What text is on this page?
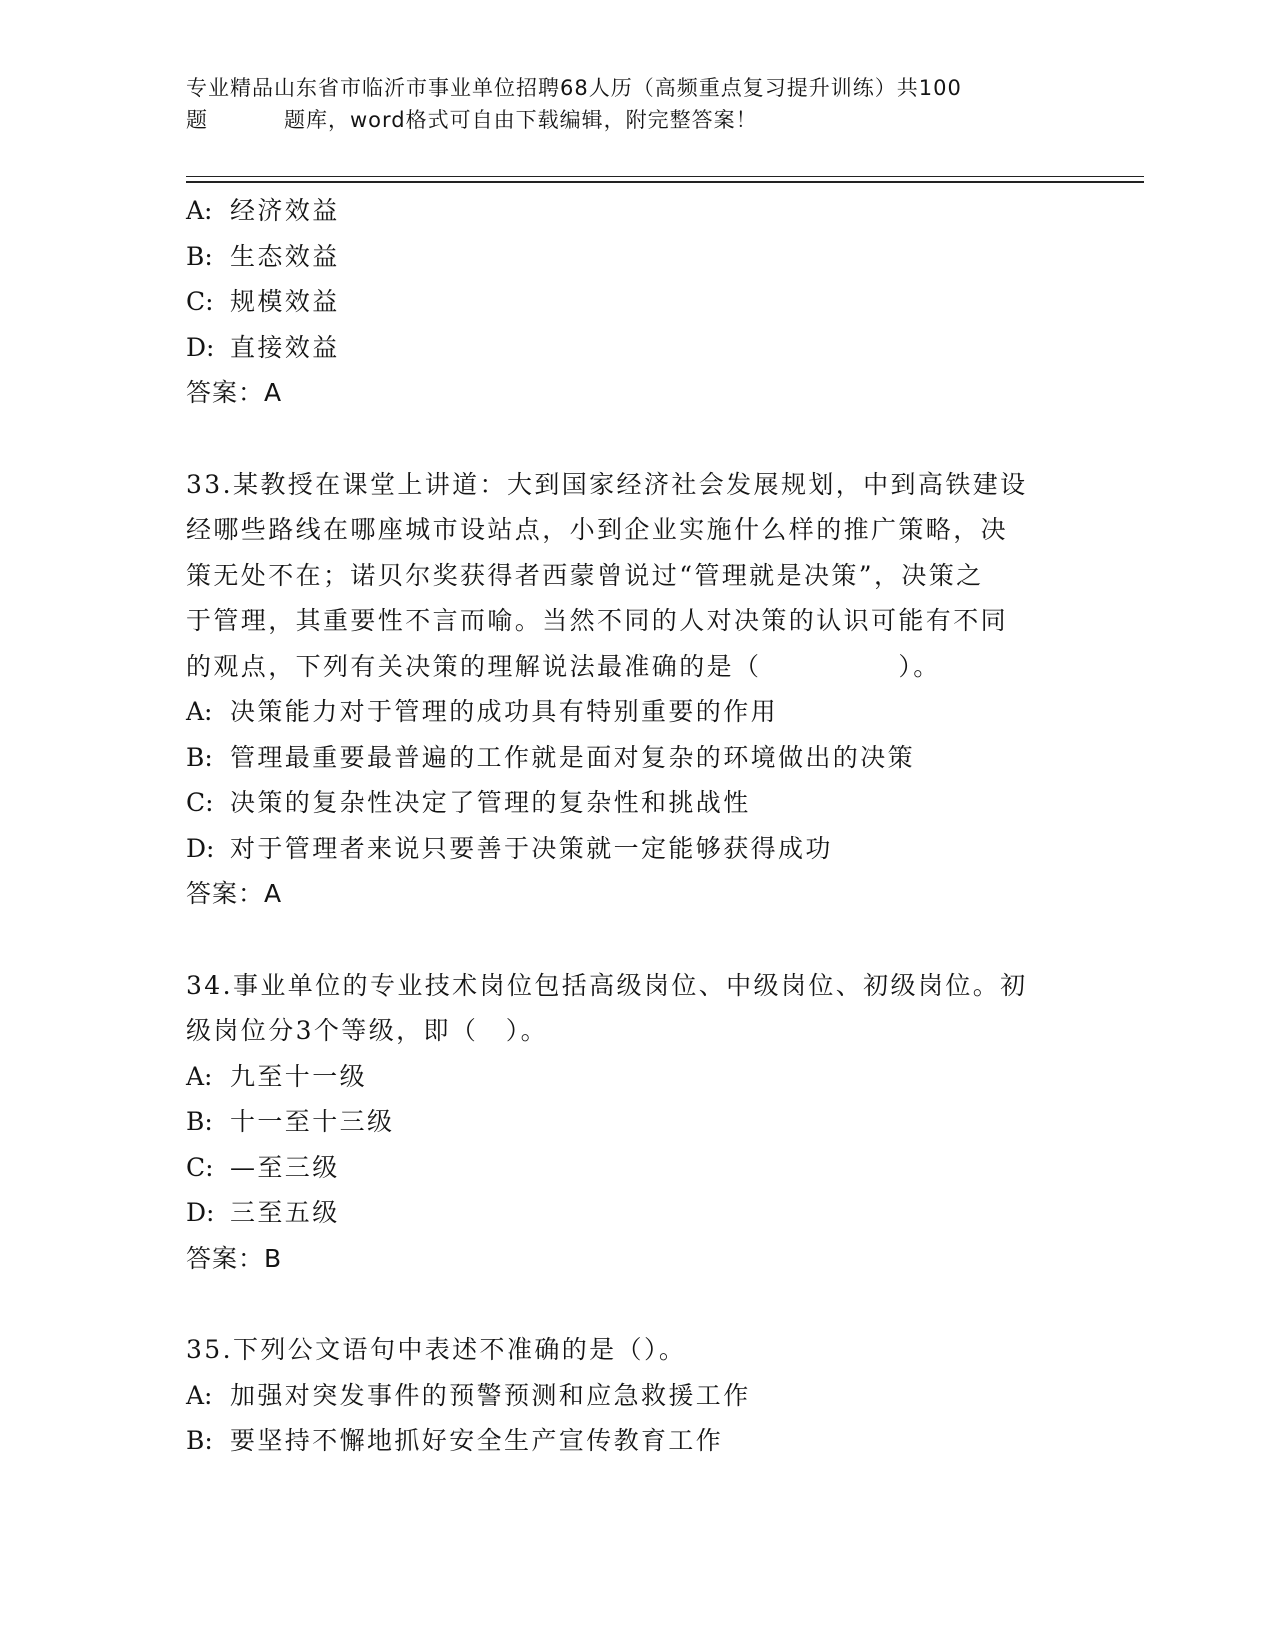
专业精品山东省市临沂市事业单位招聘68人历（高频重点复习提升训练）共100
题	题库，word格式可自由下载编辑，附完整答案！
A: 经济效益
B: 生态效益
C: 规模效益
D: 直接效益
答案：A
33.某教授在课堂上讲道：大到国家经济社会发展规划，中到高铁建设
经哪些路线在哪座城市设站点，小到企业实施什么样的推广策略，决
策无处不在；诺贝尔奖获得者西蒙曾说过“管理就是决策”，决策之
于管理，其重要性不言而喻。当然不同的人对决策的认识可能有不同
的观点，下列有关决策的理解说法最准确的是（　　　　　）。
A: 决策能力对于管理的成功具有特别重要的作用
B: 管理最重要最普遍的工作就是面对复杂的环境做出的决策
C: 决策的复杂性决定了管理的复杂性和挑战性
D: 对于管理者来说只要善于决策就一定能够获得成功
答案：A
34.事业单位的专业技术岗位包括高级岗位、中级岗位、初级岗位。初
级岗位分3个等级，即（　）。
A: 九至十一级
B: 十一至十三级
C: —至三级
D: 三至五级
答案：B
35.下列公文语句中表述不准确的是（）。
A: 加强对突发事件的预警预测和应急救援工作
B: 要坚持不懈地抓好安全生产宣传教育工作
